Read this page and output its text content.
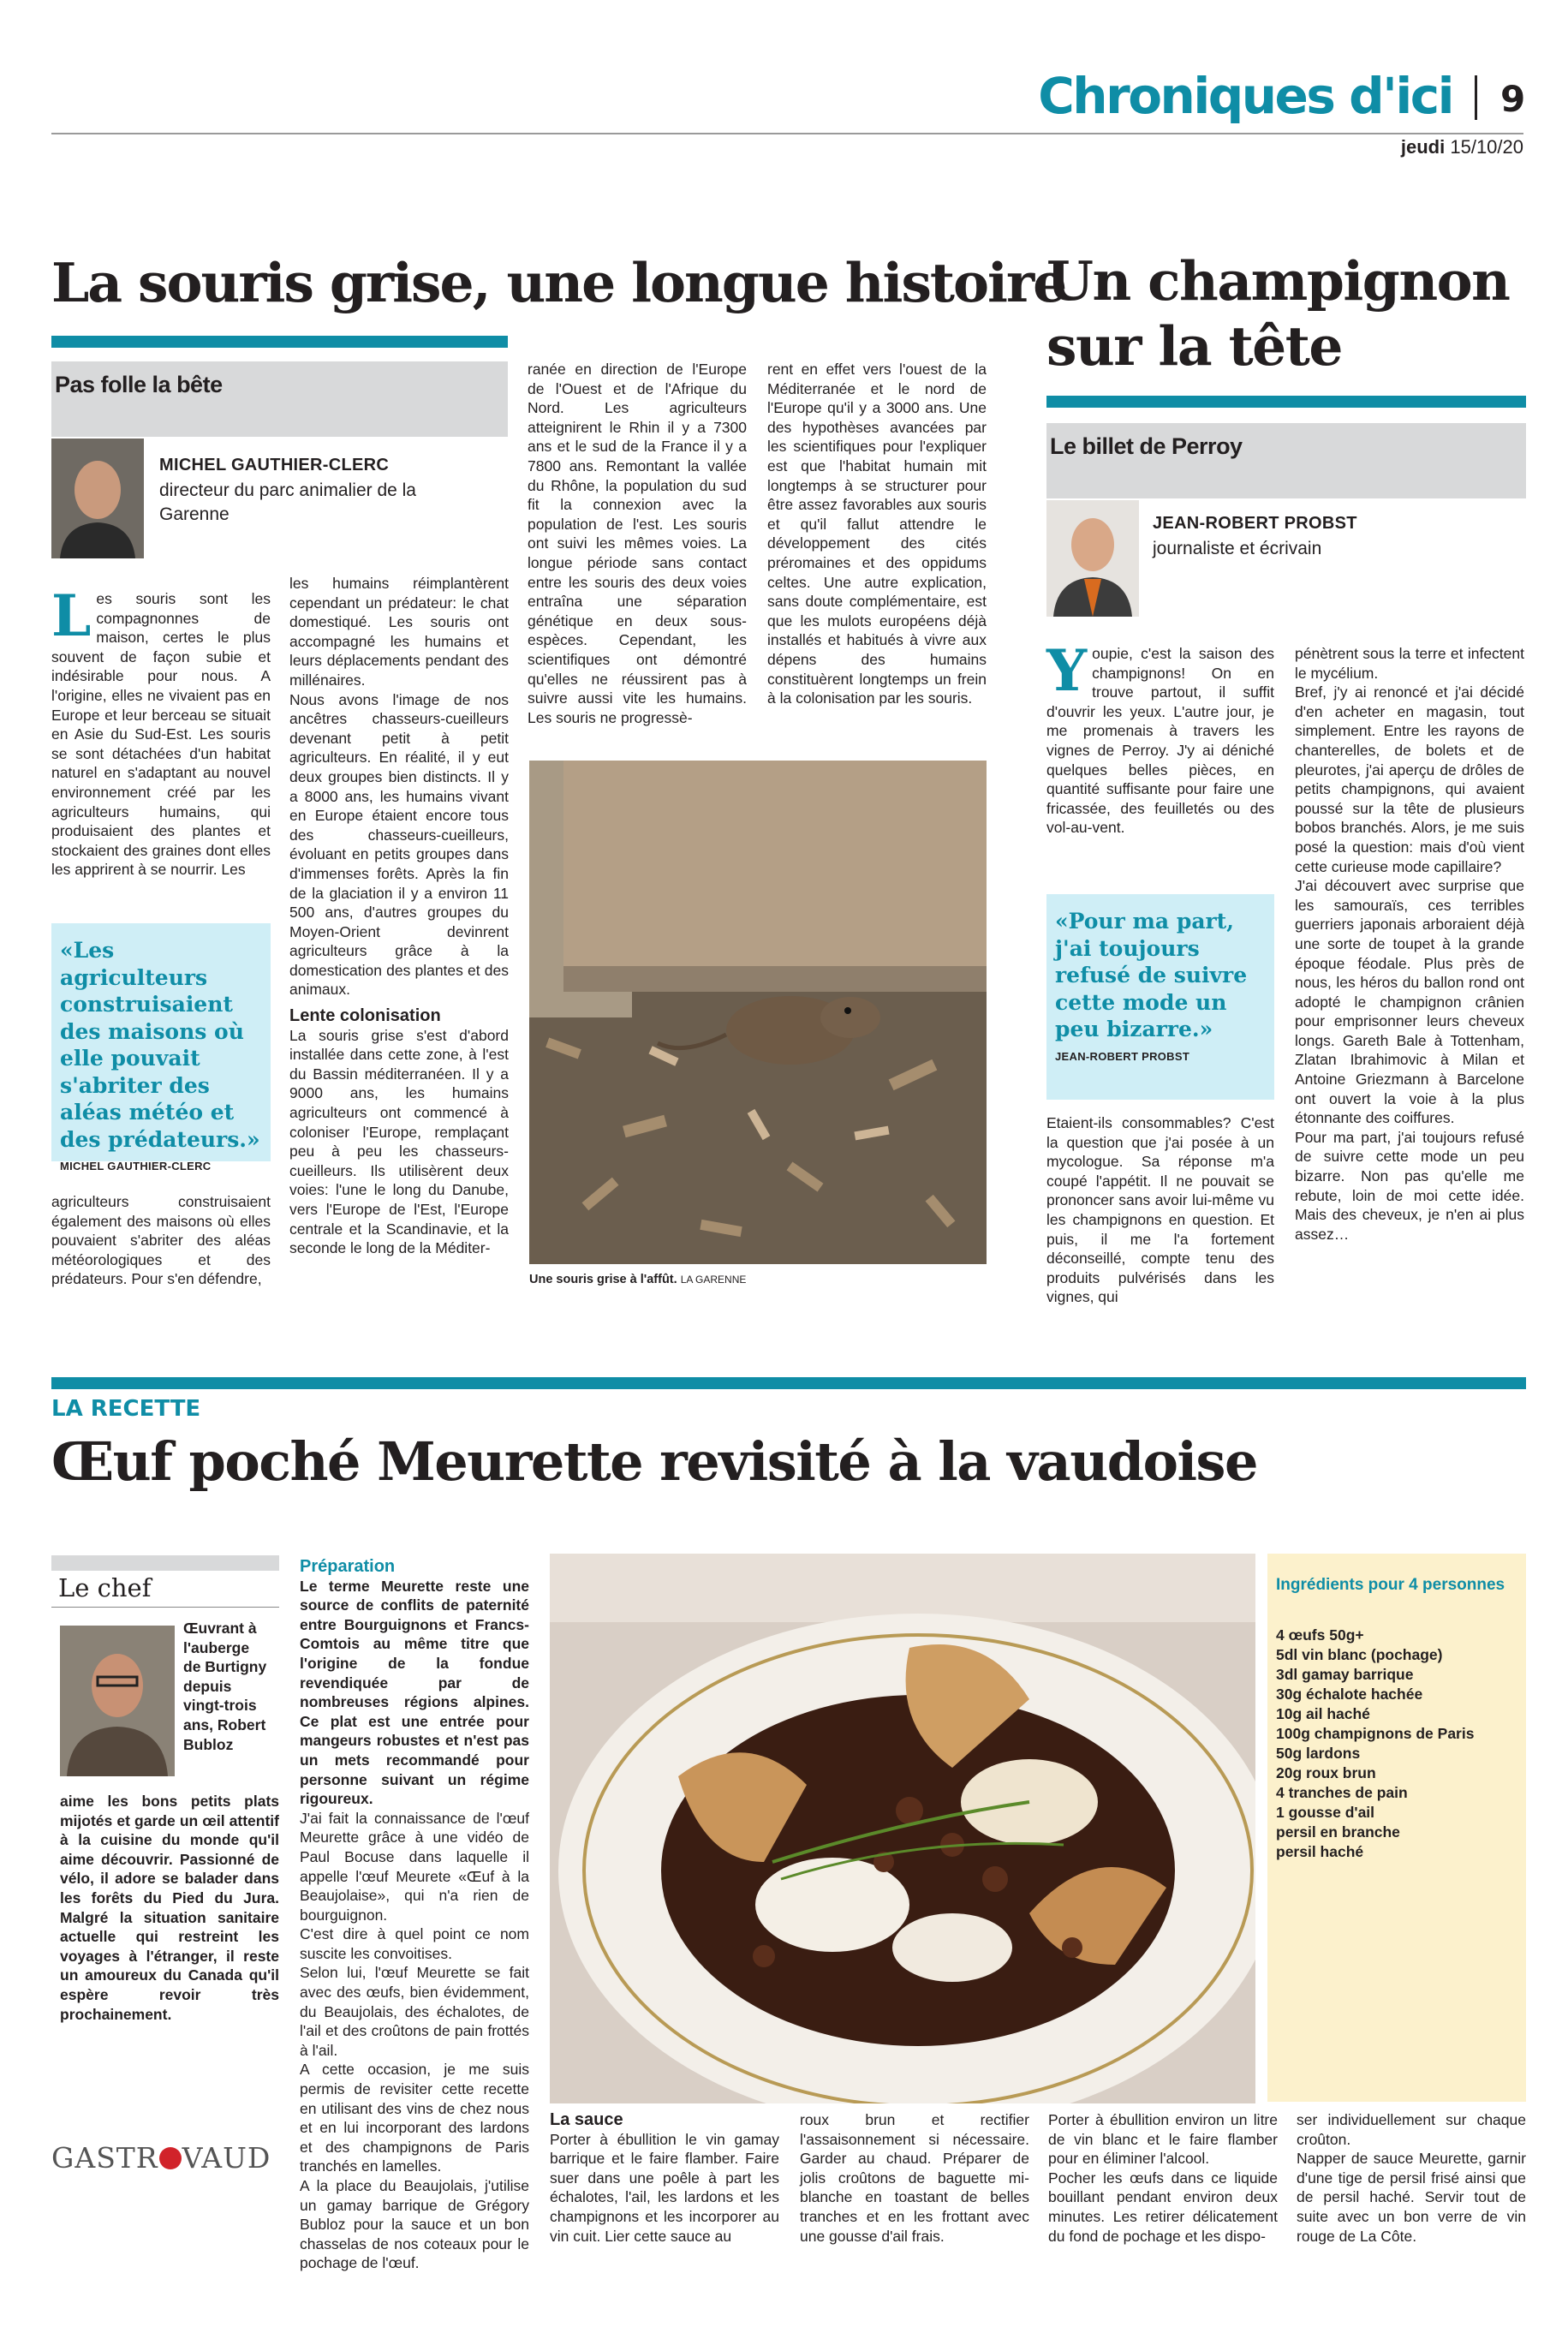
Chroniques d'ici 9
jeudi 15/10/20
La souris grise, une longue histoire
Pas folle la bête
MICHEL GAUTHIER-CLERC
directeur du parc animalier de la Garenne
L es souris sont les compagnonnes de maison, certes le plus souvent de façon subie et indésirable pour nous. A l'origine, elles ne vivaient pas en Europe et leur berceau se situait en Asie du Sud-Est. Les souris se sont détachées d'un habitat naturel en s'adaptant au nouvel environnement créé par les agriculteurs humains, qui produisaient des plantes et stockaient des graines dont elles les apprirent à se nourrir. Les
«Les agriculteurs construisaient des maisons où elle pouvait s'abriter des aléas météo et des prédateurs.»
MICHEL GAUTHIER-CLERC
agriculteurs construisaient également des maisons où elles pouvaient s'abriter des aléas météorologiques et des prédateurs. Pour s'en défendre,

les humains réimplantèrent cependant un prédateur: le chat domestiqué. Les souris ont accompagné les humains et leurs déplacements pendant des millénaires.

Nous avons l'image de nos ancêtres chasseurs-cueilleurs devenant petit à petit agriculteurs. En réalité, il y eut deux groupes bien distincts. Il y a 8000 ans, les humains vivant en Europe étaient encore tous des chasseurs-cueilleurs, évoluant en petits groupes dans d'immenses forêts. Après la fin de la glaciation il y a environ 11 500 ans, d'autres groupes du Moyen-Orient devinrent agriculteurs grâce à la domestication des plantes et des animaux.

Lente colonisation

La souris grise s'est d'abord installée dans cette zone, à l'est du Bassin méditerranéen. Il y a 9000 ans, les humains agriculteurs ont commencé à coloniser l'Europe, remplaçant peu à peu les chasseurs-cueilleurs. Ils utilisèrent deux voies: l'une le long du Danube, vers l'Europe de l'Est, l'Europe centrale et la Scandinavie, et la seconde le long de la Méditer-

ranée en direction de l'Europe de l'Ouest et de l'Afrique du Nord. Les agriculteurs atteignirent le Rhin il y a 7300 ans et le sud de la France il y a 7800 ans. Remontant la vallée du Rhône, la population du sud fit la connexion avec la population de l'est. Les souris ont suivi les mêmes voies. La longue période sans contact entre les souris des deux voies entraîna une séparation génétique en deux sous-espèces. Cependant, les scientifiques ont démontré qu'elles ne réussirent pas à suivre aussi vite les humains. Les souris ne progressè-
rent en effet vers l'ouest de la Méditerranée et le nord de l'Europe qu'il y a 3000 ans. Une des hypothèses avancées par les scientifiques pour l'expliquer est que l'habitat humain mit longtemps à se structurer pour être assez favorables aux souris et qu'il fallut attendre le développement des cités préromaines et des oppidums celtes. Une autre explication, sans doute complémentaire, est que les mulots européens déjà installés et habitués à vivre aux dépens des humains constituèrent longtemps un frein à la colonisation par les souris.
Une souris grise à l'affût. LA GARENNE
Un champignon
sur la tête
Le billet de Perroy
JEAN-ROBERT PROBST
journaliste et écrivain
Y oupie, c'est la saison des champignons! On en trouve partout, il suffit d'ouvrir les yeux. L'autre jour, je me promenais à travers les vignes de Perroy. J'y ai déniché quelques belles pièces, en quantité suffisante pour faire une fricassée, des feuilletés ou des vol-au-vent.
«Pour ma part, j'ai toujours refusé de suivre cette mode un peu bizarre.»
JEAN-ROBERT PROBST
Etaient-ils consommables? C'est la question que j'ai posée à un mycologue. Sa réponse m'a coupé l'appétit. Il ne pouvait se prononcer sans avoir lui-même vu les champignons en question. Et puis, il me l'a fortement déconseillé, compte tenu des produits pulvérisés dans les vignes, qui

pénètrent sous la terre et infectent le mycélium.

Bref, j'y ai renoncé et j'ai décidé d'en acheter en magasin, tout simplement. Entre les rayons de chanterelles, de bolets et de pleurotes, j'ai aperçu de drôles de petits champignons, qui avaient poussé sur la tête de plusieurs bobos branchés. Alors, je me suis posé la question: mais d'où vient cette curieuse mode capillaire?

J'ai découvert avec surprise que les samouraïs, ces terribles guerriers japonais arboraient déjà une sorte de toupet à la grande époque féodale. Plus près de nous, les héros du ballon rond ont adopté le champignon crânien pour emprisonner leurs cheveux longs. Gareth Bale à Tottenham, Zlatan Ibrahimovic à Milan et Antoine Griezmann à Barcelone ont ouvert la voie à la plus étonnante des coiffures.

Pour ma part, j'ai toujours refusé de suivre cette mode un peu bizarre. Non pas qu'elle me rebute, loin de moi cette idée. Mais des cheveux, je n'en ai plus assez…

LA RECETTE
Œuf poché Meurette revisité à la vaudoise
Le chef
Œuvrant à l'auberge de Burtigny depuis vingt-trois ans, Robert Bubloz
aime les bons petits plats mijotés et garde un œil attentif à la cuisine du monde qu'il aime découvrir. Passionné de vélo, il adore se balader dans les forêts du Pied du Jura. Malgré la situation sanitaire actuelle qui restreint les voyages à l'étranger, il reste un amoureux du Canada qu'il espère revoir très prochainement.
GASTR VAUD

Préparation

Le terme Meurette reste une source de conflits de paternité entre Bourguignons et Francs-Comtois au même titre que l'origine de la fondue revendiquée par de nombreuses régions alpines. Ce plat est une entrée pour mangeurs robustes et n'est pas un mets recommandé pour personne suivant un régime rigoureux.

J'ai fait la connaissance de l'œuf Meurette grâce à une vidéo de Paul Bocuse dans laquelle il appelle l'œuf Meurete «Œuf à la Beaujolaise», qui n'a rien de bourguignon.

C'est dire à quel point ce nom suscite les convoitises.

Selon lui, l'œuf Meurette se fait avec des œufs, bien évidemment, du Beaujolais, des échalotes, de l'ail et des croûtons de pain frottés à l'ail.

A cette occasion, je me suis permis de revisiter cette recette en utilisant des vins de chez nous et en lui incorporant des lardons et des champignons de Paris tranchés en lamelles.

A la place du Beaujolais, j'utilise un gamay barrique de Grégory Bubloz pour la sauce et un bon chasselas de nos coteaux pour le pochage de l'œuf.

Ingrédients pour 4 personnes
4 œufs 50g+
5dl vin blanc (pochage)
3dl gamay barrique
30g échalote hachée
10g ail haché
100g champignons de Paris
50g lardons
20g roux brun
4 tranches de pain
1 gousse d'ail
persil en branche
persil haché

La sauce

Porter à ébullition le vin gamay barrique et le faire flamber. Faire suer dans une poêle à part les échalotes, l'ail, les lardons et les champignons et les incorporer au vin cuit. Lier cette sauce au

roux brun et rectifier l'assaisonnement si nécessaire. Garder au chaud. Préparer de jolis croûtons de baguette mi-blanche en toastant de belles tranches et en les frottant avec une gousse d'ail frais.

Porter à ébullition environ un litre de vin blanc et le faire flamber pour en éliminer l'alcool.

Pocher les œufs dans ce liquide bouillant pendant environ deux minutes. Les retirer délicatement du fond de pochage et les dispo-

ser individuellement sur chaque croûton.

Napper de sauce Meurette, garnir d'une tige de persil frisé ainsi que de persil haché. Servir tout de suite avec un bon verre de vin rouge de La Côte.
